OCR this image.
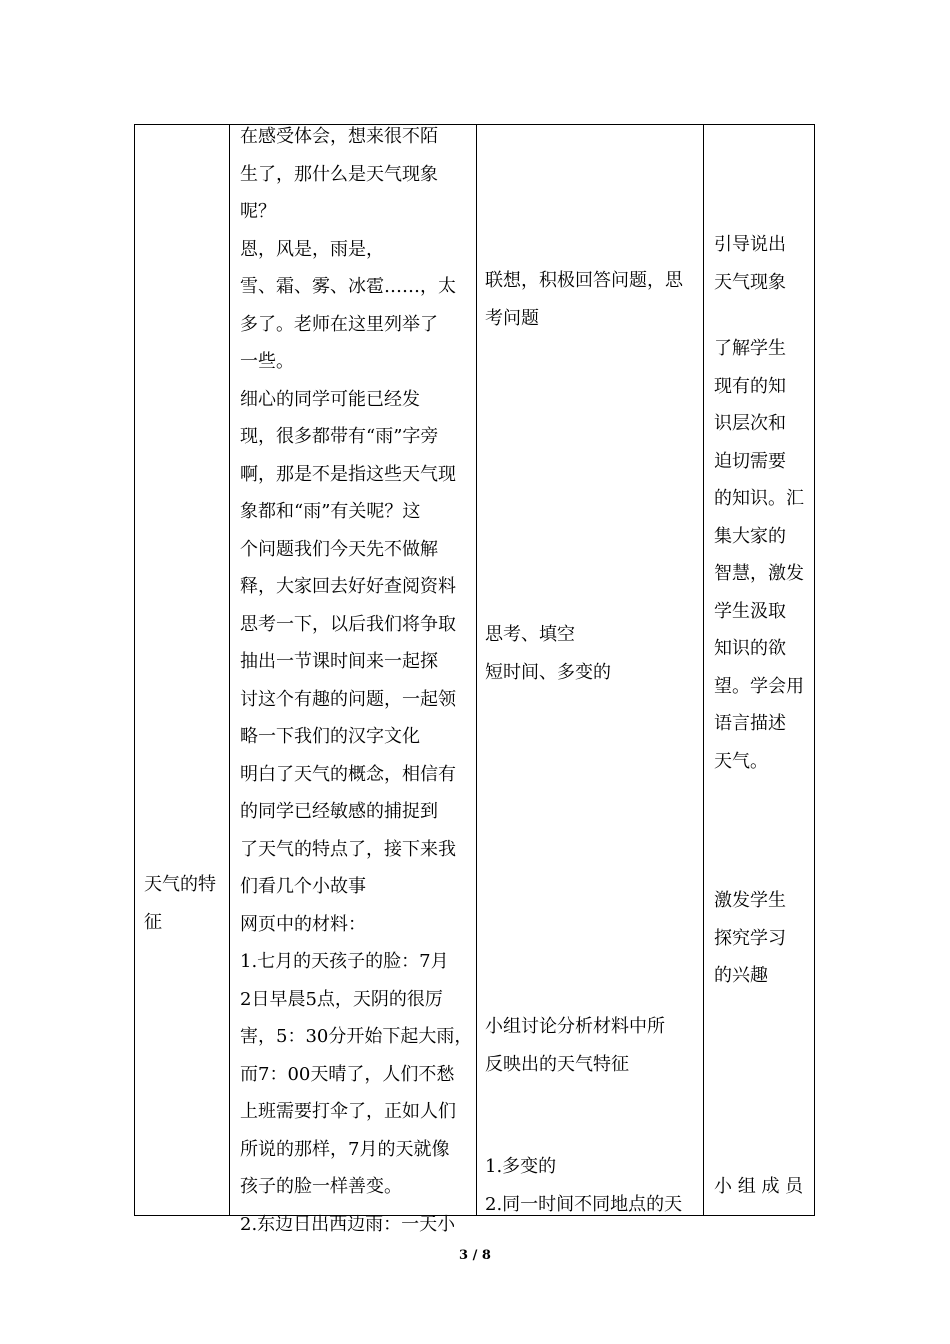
天气的特
征
在感受体会，想来很不陌
生了，那什么是天气现象
呢？
恩，风是，雨是，
雪、霜、雾、冰雹……，太
多了。老师在这里列举了
一些。
细心的同学可能已经发
现，很多都带有“雨”字旁
啊，那是不是指这些天气现
象都和“雨”有关呢？这
个问题我们今天先不做解
释，大家回去好好查阅资料
思考一下，以后我们将争取
抽出一节课时间来一起探
讨这个有趣的问题，一起领
略一下我们的汉字文化
明白了天气的概念，相信有
的同学已经敏感的捕捉到
了天气的特点了，接下来我
们看几个小故事
网页中的材料：
1.七月的天孩子的脸：7月
2日早晨5点，天阴的很厉
害，5：30分开始下起大雨，
而7：00天晴了，人们不愁
上班需要打伞了，正如人们
所说的那样，7月的天就像
孩子的脸一样善变。
2.东边日出西边雨：一天小
联想，积极回答问题，思
考问题
思考、填空
短时间、多变的
小组讨论分析材料中所
反映出的天气特征
1.多变的
2.同一时间不同地点的天
引导说出
天气现象
了解学生
现有的知
识层次和
迫切需要
的知识。汇
集大家的
智慧，激发
学生汲取
知识的欲
望。学会用
语言描述
天气。
激发学生
探究学习
的兴趣
小 组 成 员
3 / 8
